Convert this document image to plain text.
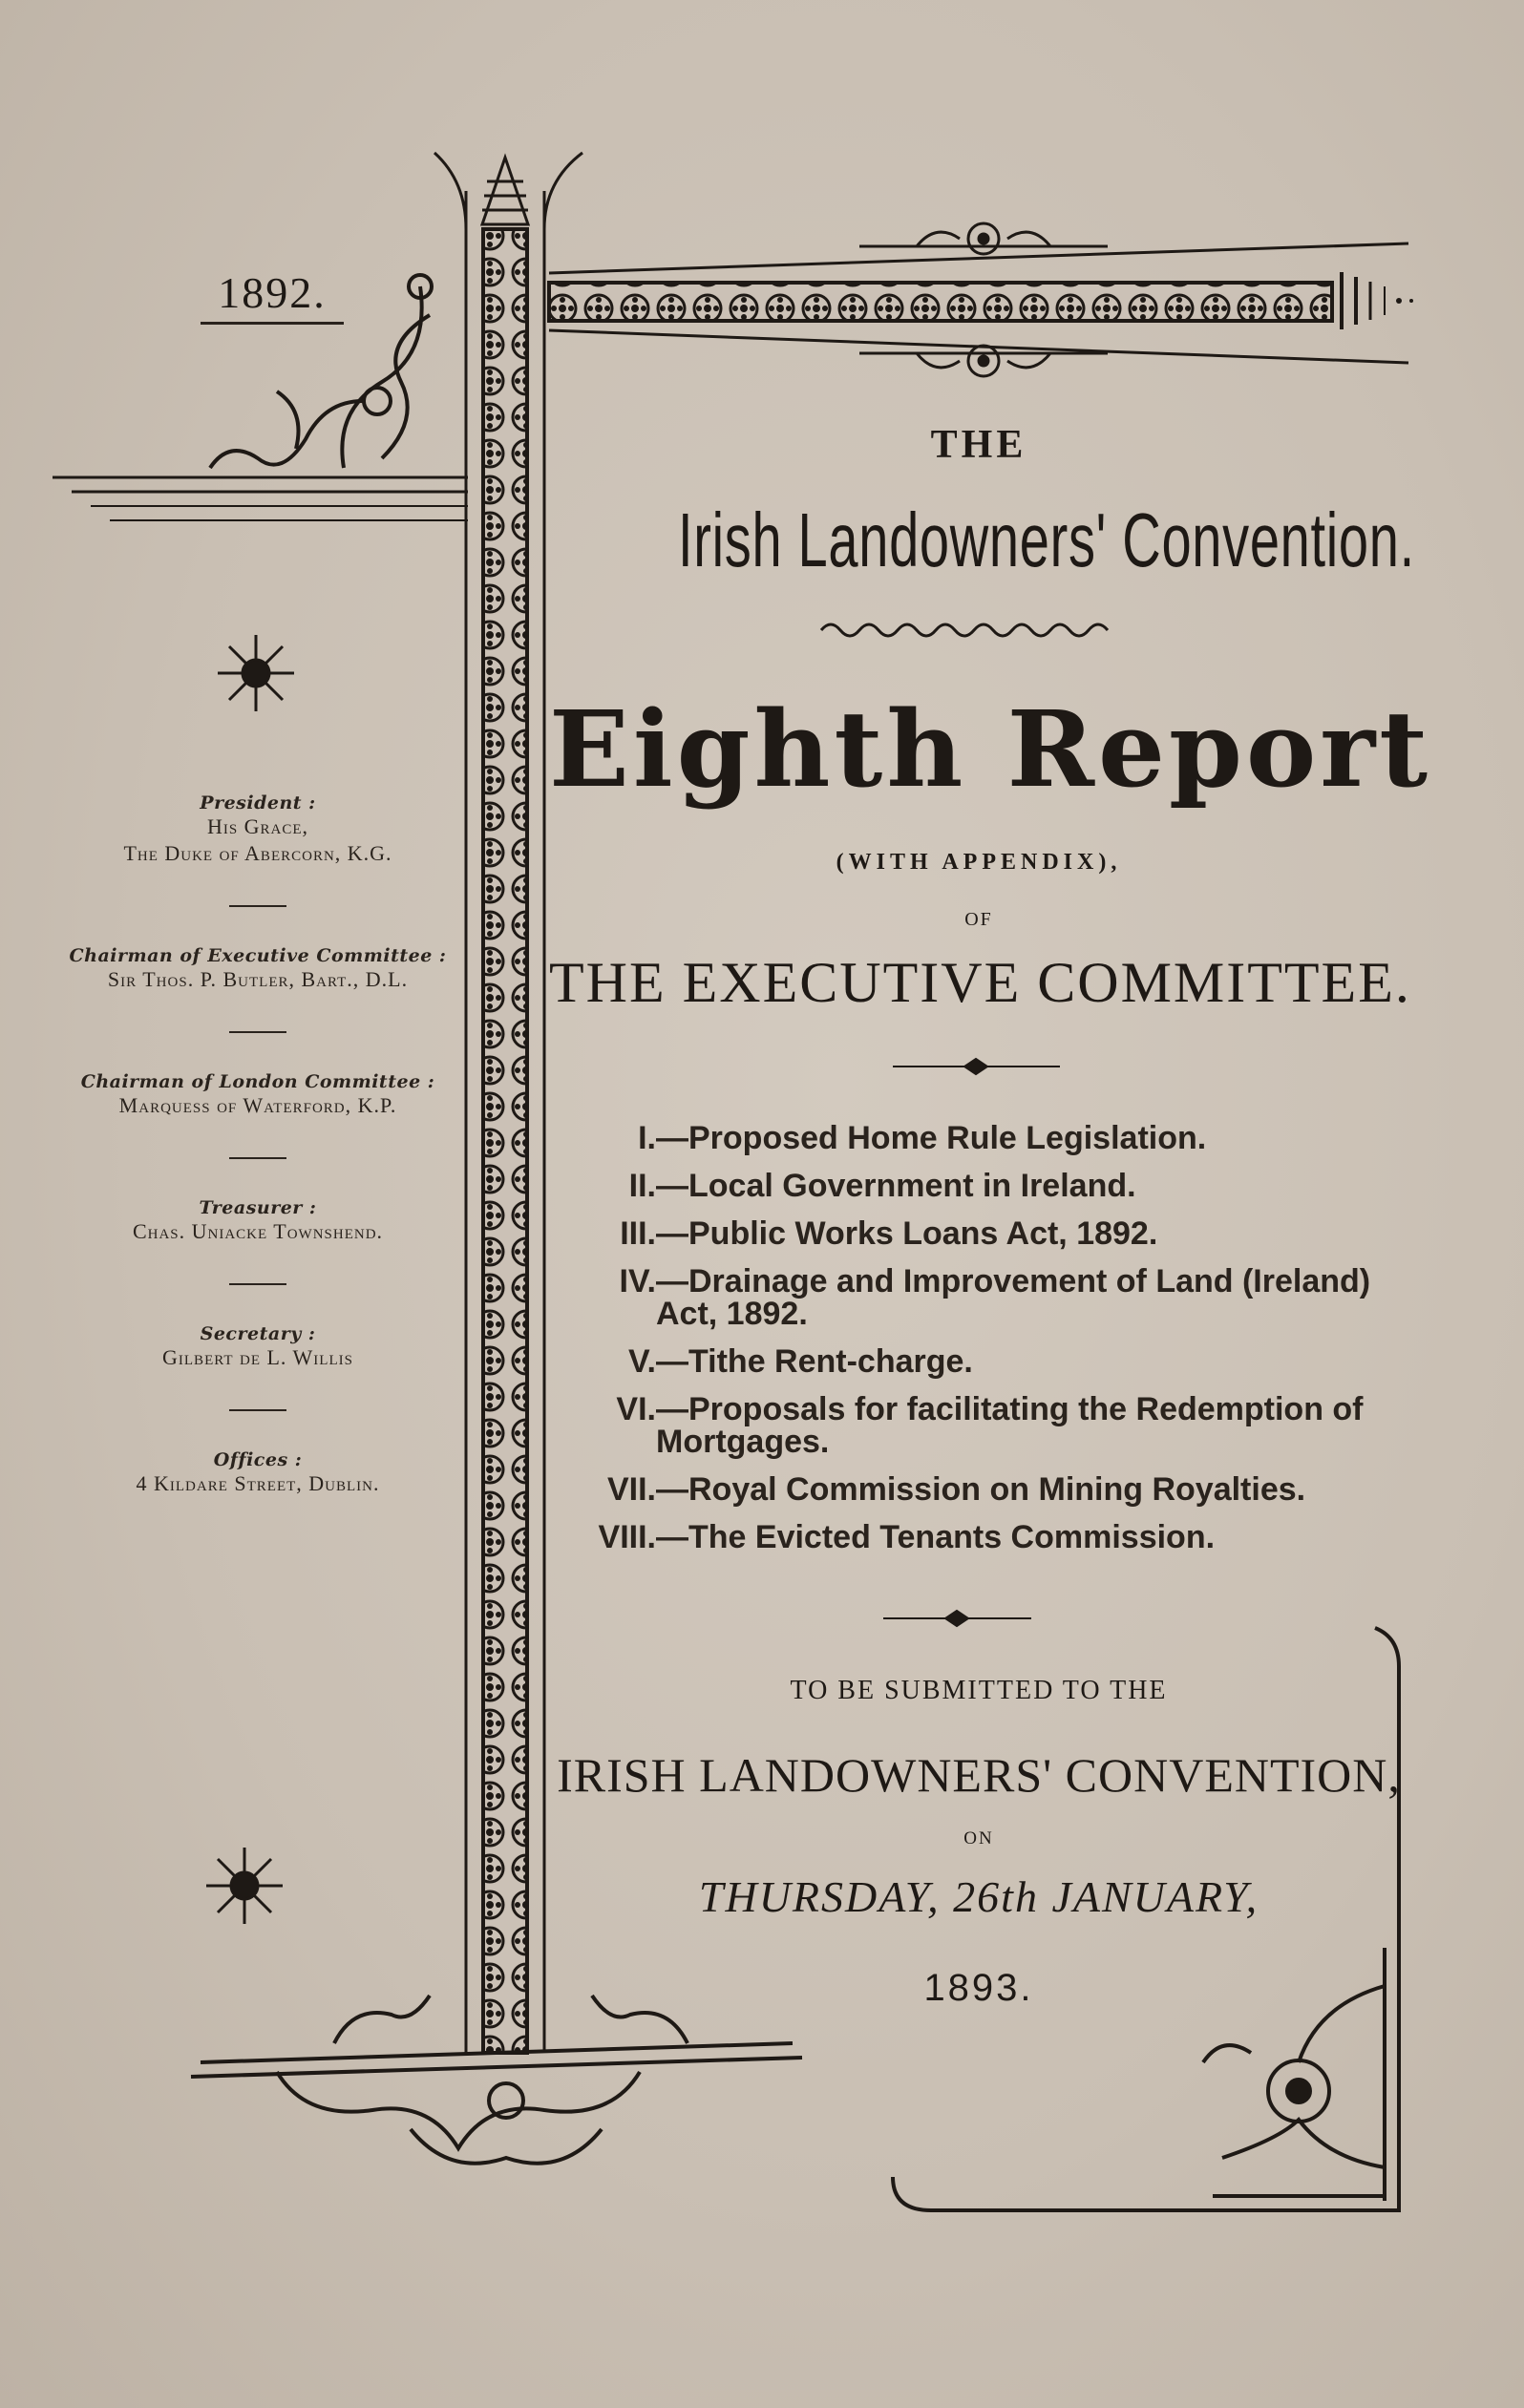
1892.
President :
His Grace,
The Duke of Abercorn, K.G.
Chairman of Executive Committee :
Sir Thos. P. Butler, Bart., D.L.
Chairman of London Committee :
Marquess of Waterford, K.P.
Treasurer :
Chas. Uniacke Townshend.
Secretary :
Gilbert de L. Willis
Offices :
4 Kildare Street, Dublin.
THE
Irish Landowners' Convention.
Eighth Report
(WITH APPENDIX),
OF
THE EXECUTIVE COMMITTEE.
I. —Proposed Home Rule Legislation.
II. —Local Government in Ireland.
III. —Public Works Loans Act, 1892.
IV. —Drainage and Improvement of Land (Ireland) Act, 1892.
V. —Tithe Rent-charge.
VI. —Proposals for facilitating the Redemption of Mortgages.
VII. —Royal Commission on Mining Royalties.
VIII. —The Evicted Tenants Commission.
TO BE SUBMITTED TO THE
IRISH LANDOWNERS' CONVENTION,
ON
THURSDAY, 26th JANUARY,
1893.
